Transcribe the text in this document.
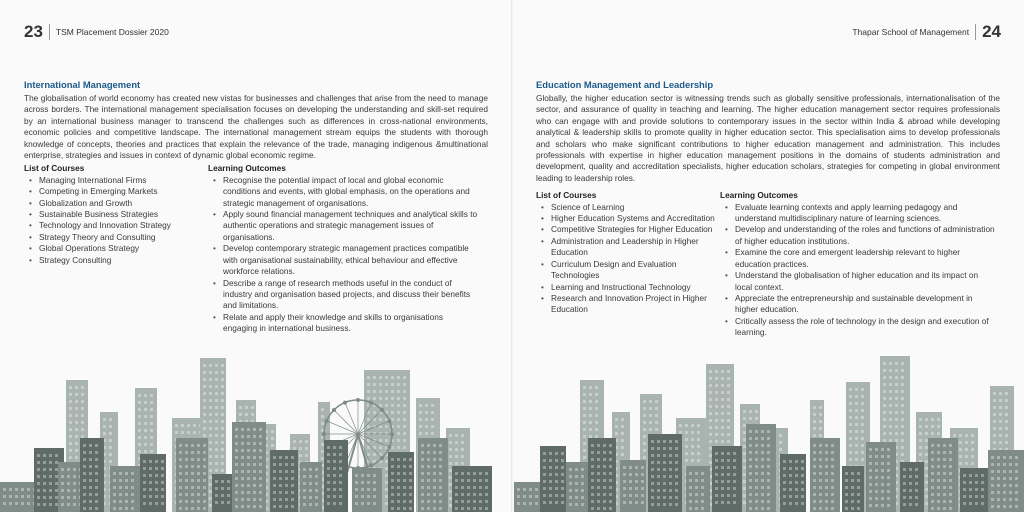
23 TSM Placement Dossier 2020	Thapar School of Management 24
International Management

The globalisation of world economy has created new vistas for businesses and challenges that arise from the need to manage across borders. The international management specialisation focuses on developing the understanding and skill-set required by an international business manager to transcend the challenges such as differences in cross-national environments, economic policies and competitive landscape. The international management stream equips the students with thorough knowledge of concepts, theories and practices that explain the relevance of the trade, managing indigenous &multinational enterprise, strategies and issues in context of dynamic global economic regime.

List of Courses
• Managing International Firms
• Competing in Emerging Markets
• Globalization and Growth
• Sustainable Business Strategies
• Technology and Innovation Strategy
• Strategy Theory and Consulting
• Global Operations Strategy
• Strategy Consulting
Learning Outcomes
• Recognise the potential impact of local and global economic conditions and events, with global emphasis, on the operations and strategic management of organisations.
• Apply sound financial management techniques and analytical skills to authentic operations and strategic management issues of organisations.
• Develop contemporary strategic management practices compatible with organisational sustainability, ethical behaviour and effective workforce relations.
• Describe a range of research methods useful in the conduct of industry and organisation based projects, and discuss their benefits and limitations.
• Relate and apply their knowledge and skills to organisations engaging in international business.
Education Management and Leadership

Globally, the higher education sector is witnessing trends such as globally sensitive professionals, internationalisation of the sector, and assurance of quality in teaching and learning. The higher education management sector requires professionals who can engage with and provide solutions to contemporary issues in the sector within India & abroad while developing analytical & leadership skills to promote quality in higher education sector. This specialisation aims to develop professionals and scholars who make significant contributions to higher education management and administration. This includes professionals with expertise in higher education management positions in the domains of students administration and development, quality and accreditation specialists, higher education scholars, strategies for competing in global environment leading to leadership roles.

List of Courses
• Science of Learning
• Higher Education Systems and Accreditation
• Competitive Strategies for Higher Education
• Administration and Leadership in Higher Education
• Curriculum Design and Evaluation Technologies
• Learning and Instructional Technology
• Research and Innovation Project in Higher Education
Learning Outcomes
• Evaluate learning contexts and apply learning pedagogy and understand multidisciplinary nature of learning sciences.
• Develop and understanding of the roles and functions of administration of higher education institutions.
• Examine the core and emergent leadership relevant to higher education practices.
• Understand the globalisation of higher education and its impact on local context.
• Appreciate the entrepreneurship and sustainable development in higher education.
• Critically assess the role of technology in the design and execution of learning.
